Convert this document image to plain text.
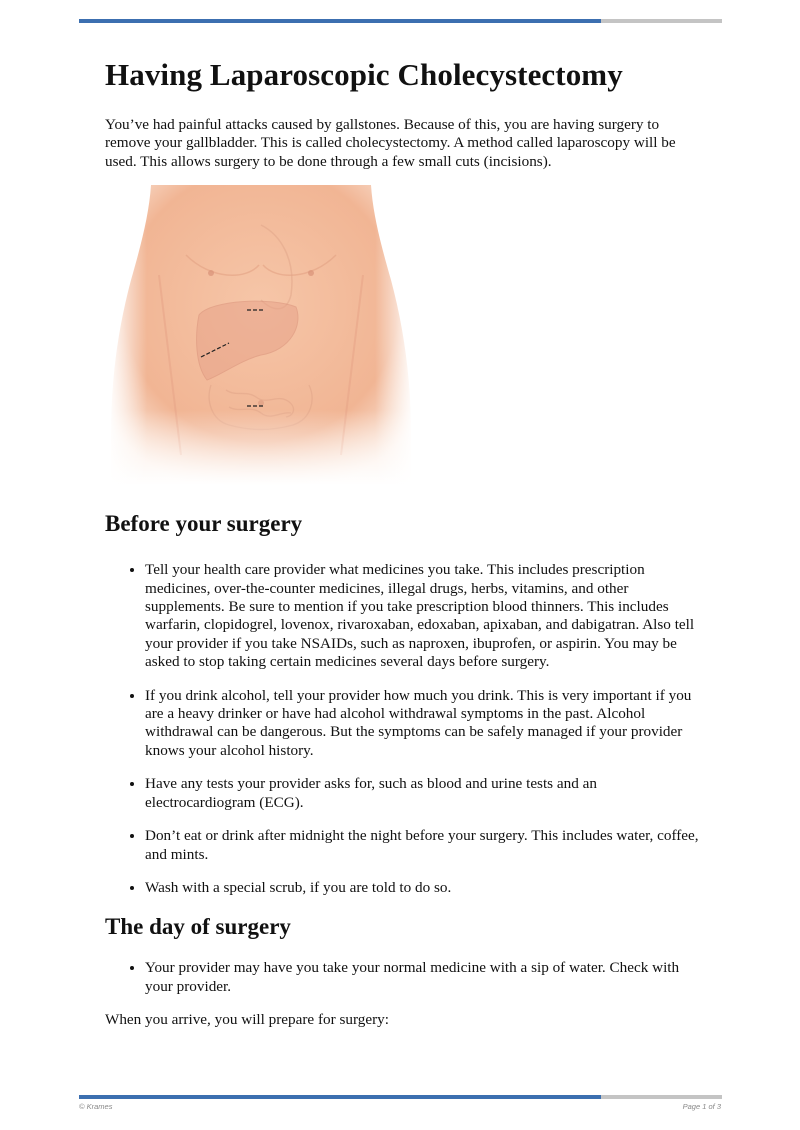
Having Laparoscopic Cholecystectomy

You’ve had painful attacks caused by gallstones. Because of this, you are having surgery to remove your gallbladder. This is called cholecystectomy. A method called laparoscopy will be used. This allows surgery to be done through a few small cuts (incisions).

Before your surgery
• Tell your health care provider what medicines you take. This includes prescription medicines, over-the-counter medicines, illegal drugs, herbs, vitamins, and other supplements. Be sure to mention if you take prescription blood thinners. This includes warfarin, clopidogrel, lovenox, rivaroxaban, edoxaban, apixaban, and dabigatran. Also tell your provider if you take NSAIDs, such as naproxen, ibuprofen, or aspirin. You may be asked to stop taking certain medicines several days before surgery.
• If you drink alcohol, tell your provider how much you drink. This is very important if you are a heavy drinker or have had alcohol withdrawal symptoms in the past. Alcohol withdrawal can be dangerous. But the symptoms can be safely managed if your provider knows your alcohol history.
• Have any tests your provider asks for, such as blood and urine tests and an electrocardiogram (ECG).
• Don’t eat or drink after midnight the night before your surgery. This includes water, coffee, and mints.
• Wash with a special scrub, if you are told to do so.
The day of surgery
• Your provider may have you take your normal medicine with a sip of water. Check with your provider.

When you arrive, you will prepare for surgery:

© Krames	Page 1 of 3
